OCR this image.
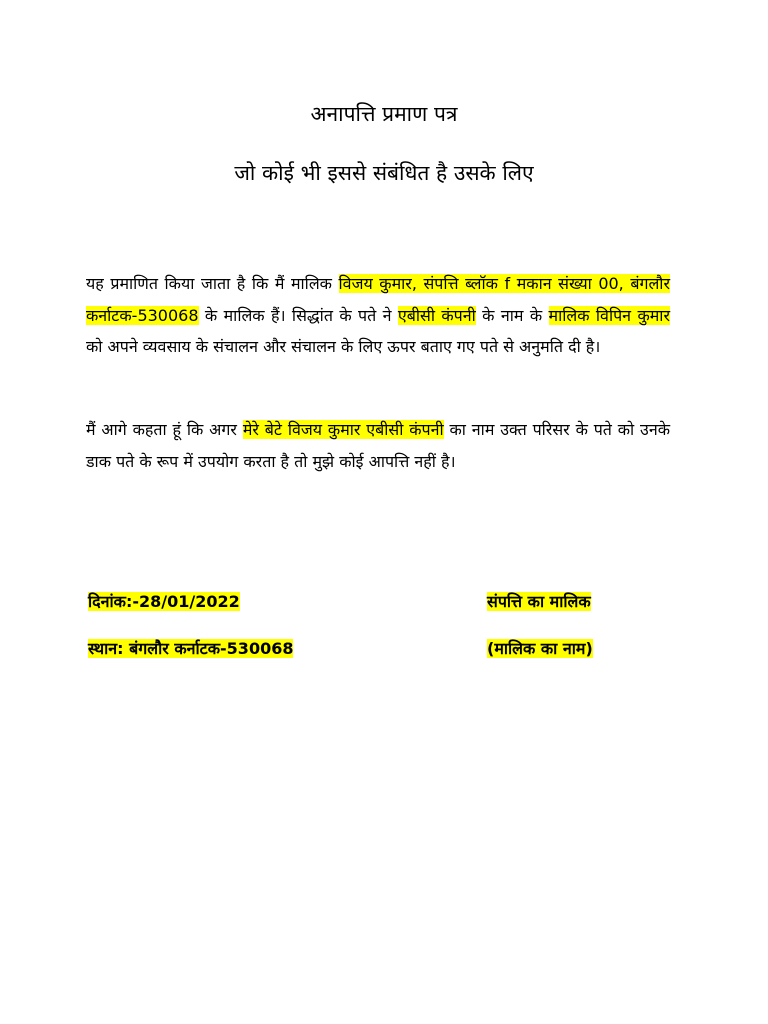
अनापत्ति प्रमाण पत्र
जो कोई भी इससे संबंधित है उसके लिए

यह प्रमाणित किया जाता है कि मैं मालिक विजय कुमार, संपत्ति ब्लॉक f मकान संख्या 00, बंगलौर कर्नाटक-530068 के मालिक हैं। सिद्धांत के पते ने एबीसी कंपनी के नाम के मालिक विपिन कुमार को अपने व्यवसाय के संचालन और संचालन के लिए ऊपर बताए गए पते से अनुमति दी है।

मैं आगे कहता हूं कि अगर मेरे बेटे विजय कुमार एबीसी कंपनी का नाम उक्त परिसर के पते को उनके डाक पते के रूप में उपयोग करता है तो मुझे कोई आपत्ति नहीं है।

दिनांक:-28/01/2022

स्थान: बंगलौर कर्नाटक-530068

संपत्ति का मालिक

(मालिक का नाम)
